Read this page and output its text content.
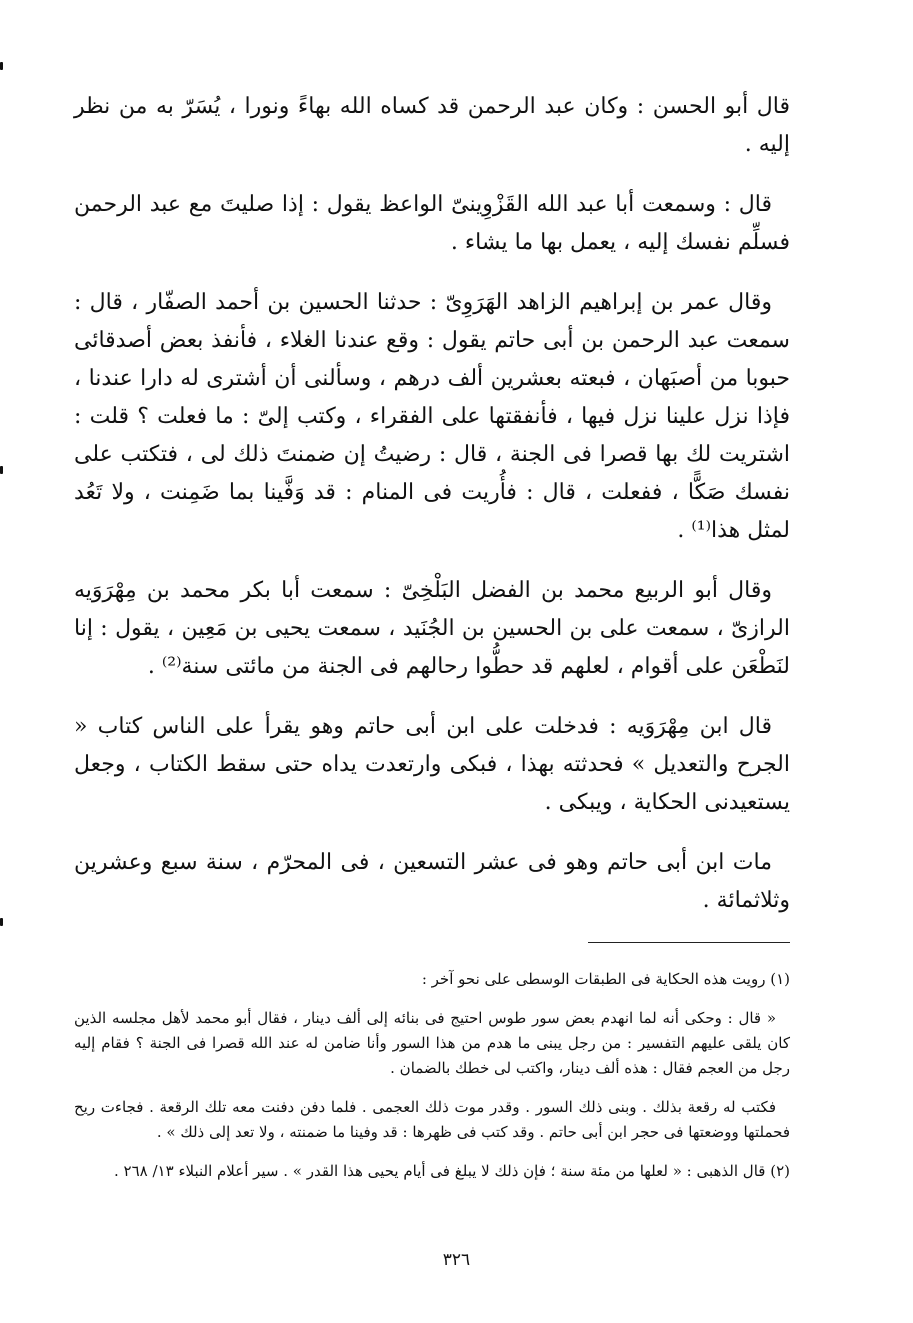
قال أبو الحسن : وكان عبد الرحمن قد كساه الله بهاءً ونورا ، يُسَرّ به من نظر إليه .

قال : وسمعت أبا عبد الله القَزْوِينىّ الواعظ يقول : إذا صليتَ مع عبد الرحمن فسلِّم نفسك إليه ، يعمل بها ما يشاء .

وقال عمر بن إبراهيم الزاهد الهَرَوِىّ : حدثنا الحسين بن أحمد الصفّار ، قال : سمعت عبد الرحمن بن أبى حاتم يقول : وقع عندنا الغلاء ، فأنفذ بعض أصدقائى حبوبا من أصبَهان ، فبعته بعشرين ألف درهم ، وسألنى أن أشترى له دارا عندنا ، فإذا نزل علينا نزل فيها ، فأنفقتها على الفقراء ، وكتب إلىّ : ما فعلت ؟ قلت : اشتريت لك بها قصرا فى الجنة ، قال : رضيتُ إن ضمنتَ ذلك لى ، فتكتب على نفسك صَكًّا ، ففعلت ، قال : فأُريت فى المنام : قد وَفَّينا بما ضَمِنت ، ولا تَعُد لمثل هذا⁽¹⁾ .

وقال أبو الربيع محمد بن الفضل البَلْخِىّ : سمعت أبا بكر محمد بن مِهْرَوَيه الرازىّ ، سمعت على بن الحسين بن الجُنَيد ، سمعت يحيى بن مَعِين ، يقول : إنا لنَطْعَن على أقوام ، لعلهم قد حطُّوا رحالهم فى الجنة من مائتى سنة⁽²⁾ .

قال ابن مِهْرَوَيه : فدخلت على ابن أبى حاتم وهو يقرأ على الناس كتاب « الجرح والتعديل » فحدثته بهذا ، فبكى وارتعدت يداه حتى سقط الكتاب ، وجعل يستعيدنى الحكاية ، ويبكى .

مات ابن أبى حاتم وهو فى عشر التسعين ، فى المحرّم ، سنة سبع وعشرين وثلاثمائة .

(١) رويت هذه الحكاية فى الطبقات الوسطى على نحو آخر :

« قال : وحكى أنه لما انهدم بعض سور طوس احتيج فى بنائه إلى ألف دينار ، فقال أبو محمد لأهل مجلسه الذين كان يلقى عليهم التفسير : من رجل يبنى ما هدم من هذا السور وأنا ضامن له عند الله قصرا فى الجنة ؟ فقام إليه رجل من العجم فقال : هذه ألف دينار، واكتب لى خطك بالضمان .

فكتب له رقعة بذلك . وبنى ذلك السور . وقدر موت ذلك العجمى . فلما دفن دفنت معه تلك الرقعة . فجاءت ريح فحملتها ووضعتها فى حجر ابن أبى حاتم . وقد كتب فى ظهرها : قد وفينا ما ضمنته ، ولا تعد إلى ذلك » .

(٢) قال الذهبى : « لعلها من مئة سنة ؛ فإن ذلك لا يبلغ فى أيام يحيى هذا القدر » . سير أعلام النبلاء ١٣/ ٢٦٨ .

٣٢٦
